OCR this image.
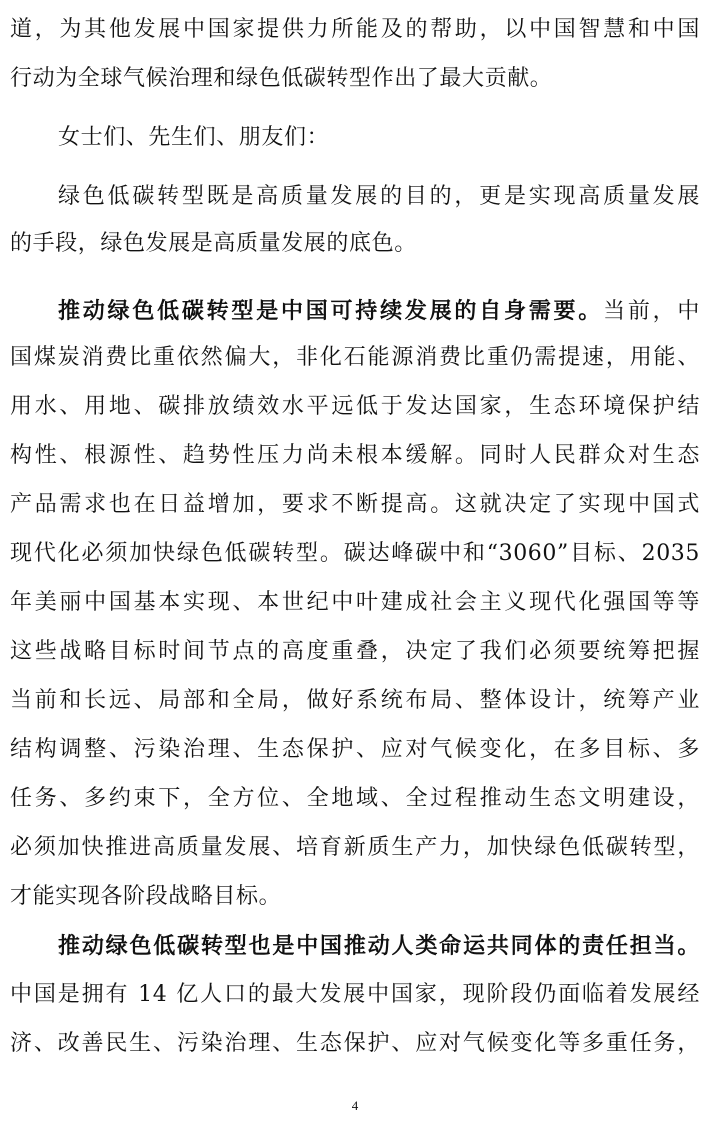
道，为其他发展中国家提供力所能及的帮助，以中国智慧和中国
行动为全球气候治理和绿色低碳转型作出了最大贡献。
女士们、先生们、朋友们：
绿色低碳转型既是高质量发展的目的，更是实现高质量发展
的手段，绿色发展是高质量发展的底色。
推动绿色低碳转型是中国可持续发展的自身需要。当前，中
国煤炭消费比重依然偏大，非化石能源消费比重仍需提速，用能、
用水、用地、碳排放绩效水平远低于发达国家，生态环境保护结
构性、根源性、趋势性压力尚未根本缓解。同时人民群众对生态
产品需求也在日益增加，要求不断提高。这就决定了实现中国式
现代化必须加快绿色低碳转型。碳达峰碳中和“3060”目标、2035
年美丽中国基本实现、本世纪中叶建成社会主义现代化强国等等
这些战略目标时间节点的高度重叠，决定了我们必须要统筹把握
当前和长远、局部和全局，做好系统布局、整体设计，统筹产业
结构调整、污染治理、生态保护、应对气候变化，在多目标、多
任务、多约束下，全方位、全地域、全过程推动生态文明建设，
必须加快推进高质量发展、培育新质生产力，加快绿色低碳转型，
才能实现各阶段战略目标。
推动绿色低碳转型也是中国推动人类命运共同体的责任担当。
中国是拥有 14 亿人口的最大发展中国家，现阶段仍面临着发展经
济、改善民生、污染治理、生态保护、应对气候变化等多重任务，
4
